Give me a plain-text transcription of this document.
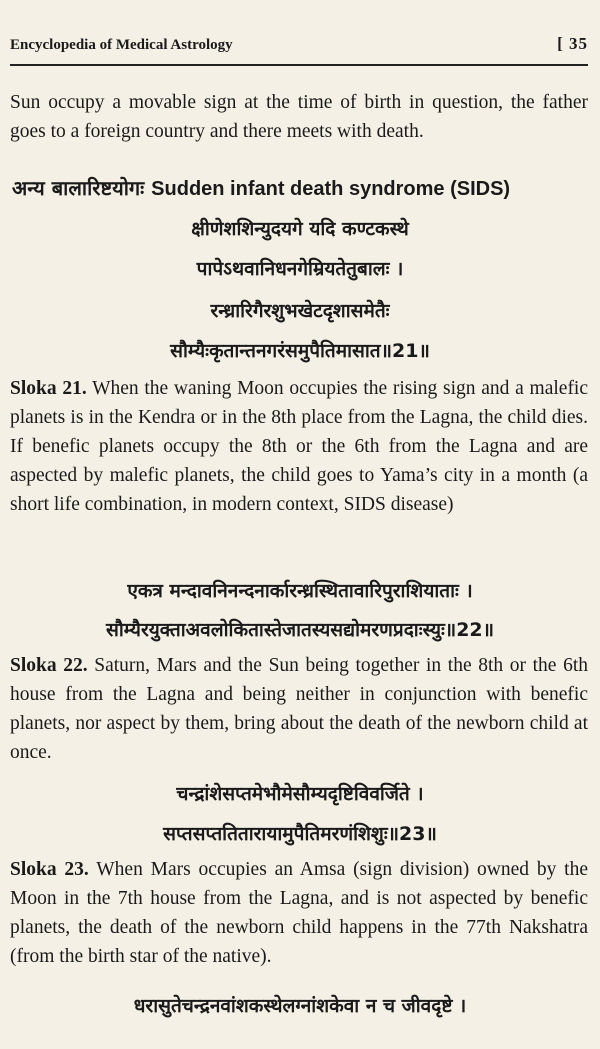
Encyclopedia of Medical Astrology	[ 35
Sun occupy a movable sign at the time of birth in question, the father goes to a foreign country and there meets with death.
अन्य बालारिष्टयोगः Sudden infant death syndrome (SIDS)
क्षीणेशशिन्युदयगे यदि कण्टकस्थे
पापेऽथवानिधनगेम्रियतेतुबालः ।
रन्ध्रारिगैरशुभखेटदृशासमेतैः
सौम्यैःकृतान्तनगरंसमुपैतिमासात॥21॥
Sloka 21. When the waning Moon occupies the rising sign and a malefic planets is in the Kendra or in the 8th place from the Lagna, the child dies. If benefic planets occupy the 8th or the 6th from the Lagna and are aspected by malefic planets, the child goes to Yama’s city in a month (a short life combination, in modern context, SIDS disease)
एकत्र मन्दावनिनन्दनार्कारन्ध्रस्थितावारिपुराशियाताः ।
सौम्यैरयुक्ताअवलोकितास्तेजातस्यसद्योमरणप्रदाःस्युः॥22॥
Sloka 22. Saturn, Mars and the Sun being together in the 8th or the 6th house from the Lagna and being neither in conjunction with benefic planets, nor aspect by them, bring about the death of the newborn child at once.
चन्द्रांशेसप्तमेभौमेसौम्यदृष्टिविवर्जिते ।
सप्तसप्ततितारायामुपैतिमरणंशिशुः॥23॥
Sloka 23. When Mars occupies an Amsa (sign division) owned by the Moon in the 7th house from the Lagna, and is not aspected by benefic planets, the death of the newborn child happens in the 77th Nakshatra (from the birth star of the native).
धरासुतेचन्द्रनवांशकस्थेलग्नांशकेवा न च जीवदृष्टे ।
